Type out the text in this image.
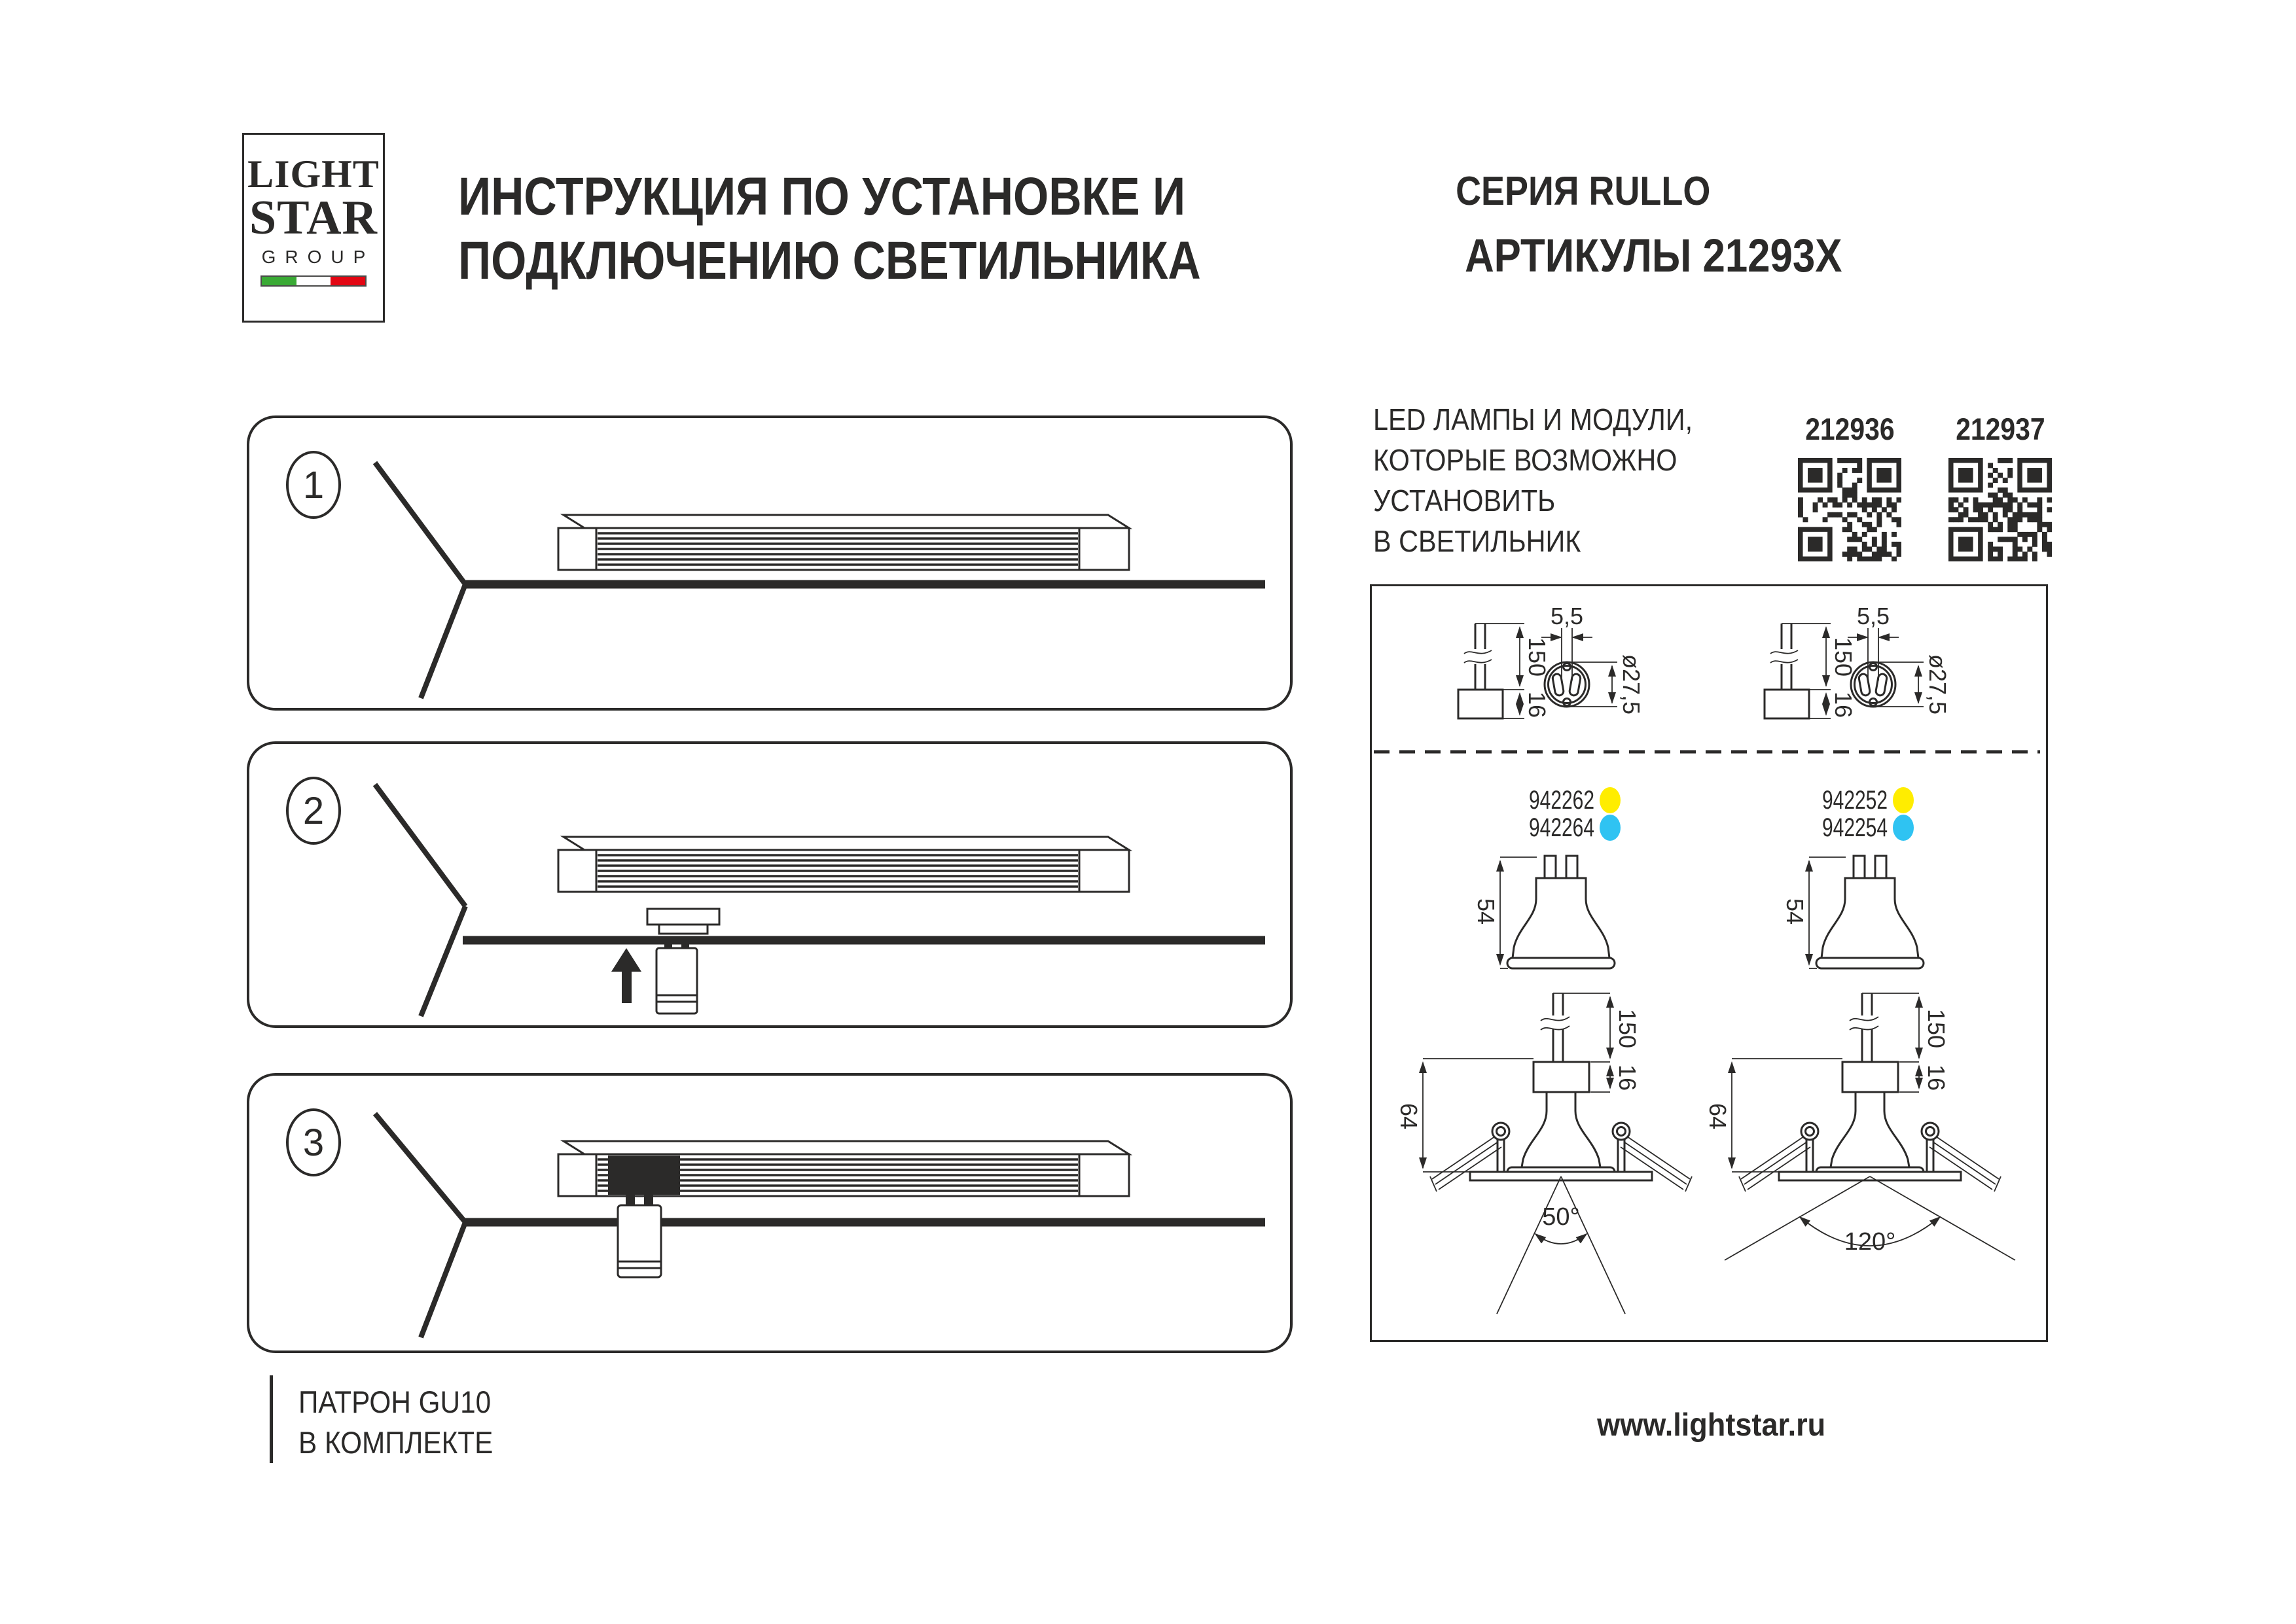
LIGHT
STAR
GROUP
ИНСТРУКЦИЯ ПО УСТАНОВКЕ И
ПОДКЛЮЧЕНИЮ СВЕТИЛЬНИКА
СЕРИЯ RULLO
АРТИКУЛЫ 21293X
1
2
3
ПАТРОН GU10
В КОМПЛЕКТЕ
LED ЛАМПЫ И МОДУЛИ,
КОТОРЫЕ ВОЗМОЖНО
УСТАНОВИТЬ
В СВЕТИЛЬНИК
212936 212937
150
16
5,5
ø27,5	150
16
5,5
ø27,5
942262
942264
942252
942254
54
150
16
64
54
150
16
64
50°
120°
www.lightstar.ru
